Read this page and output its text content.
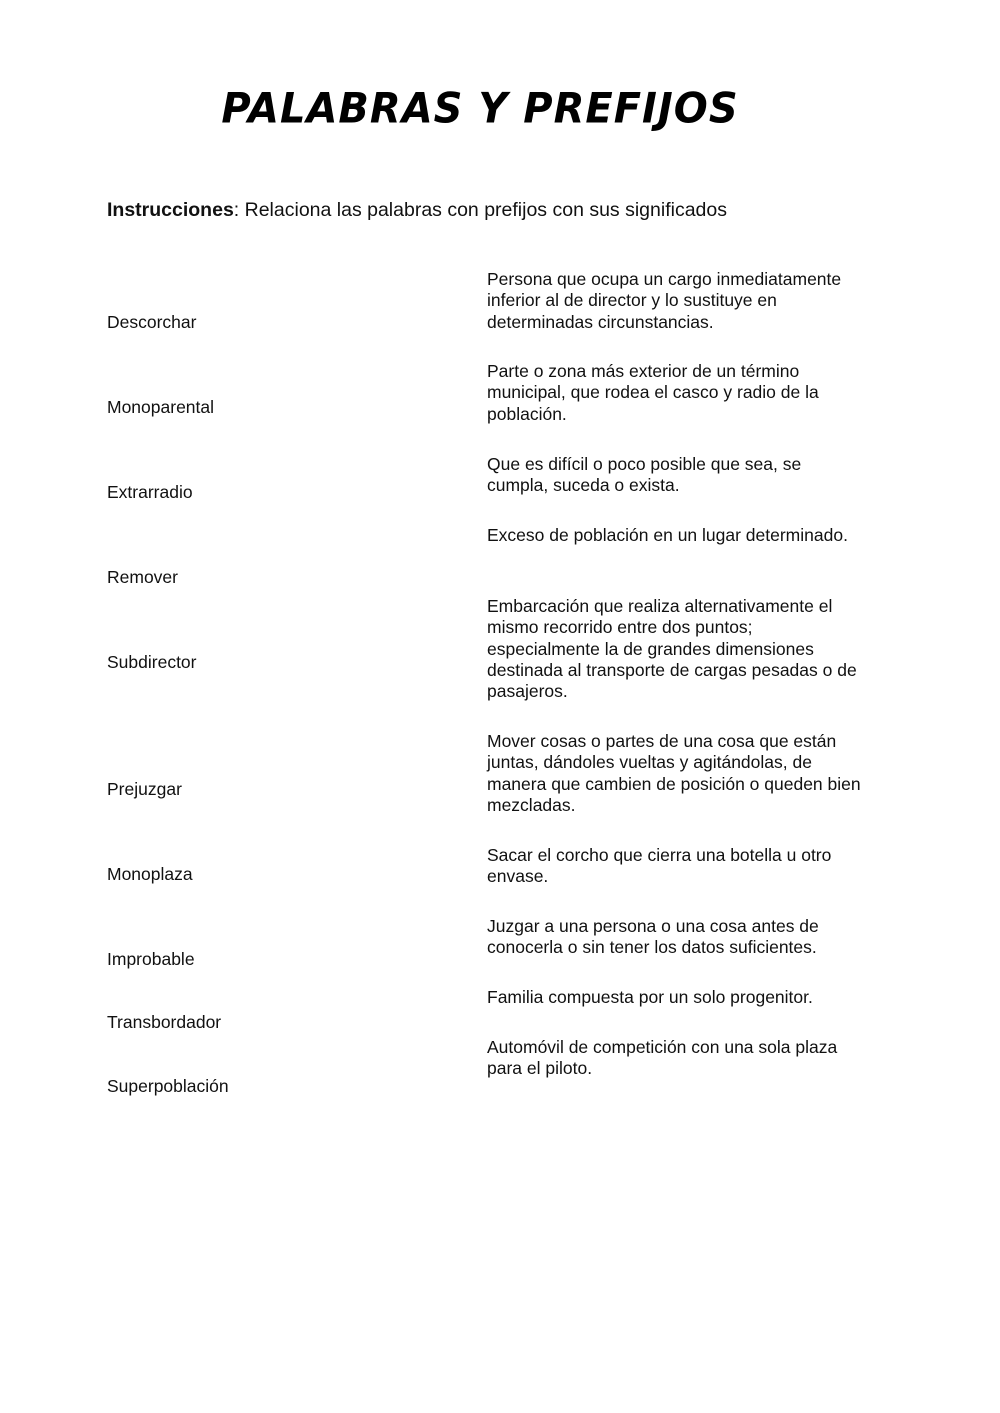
PALABRAS Y PREFIJOS
Instrucciones: Relaciona las palabras con prefijos con sus significados
Descorchar
Monoparental
Extrarradio
Remover
Subdirector
Prejuzgar
Monoplaza
Improbable
Transbordador
Superpoblación
Persona que ocupa un cargo inmediatamente inferior al de director y lo sustituye en determinadas circunstancias.
Parte o zona más exterior de un término municipal, que rodea el casco y radio de la población.
Que es difícil o poco posible que sea, se cumpla, suceda o exista.
Exceso de población en un lugar determinado.
Embarcación que realiza alternativamente el mismo recorrido entre dos puntos; especialmente la de grandes dimensiones destinada al transporte de cargas pesadas o de pasajeros.
Mover cosas o partes de una cosa que están juntas, dándoles vueltas y agitándolas, de manera que cambien de posición o queden bien mezcladas.
Sacar el corcho que cierra una botella u otro envase.
Juzgar a una persona o una cosa antes de conocerla o sin tener los datos suficientes.
Familia compuesta por un solo progenitor.
Automóvil de competición con una sola plaza para el piloto.
